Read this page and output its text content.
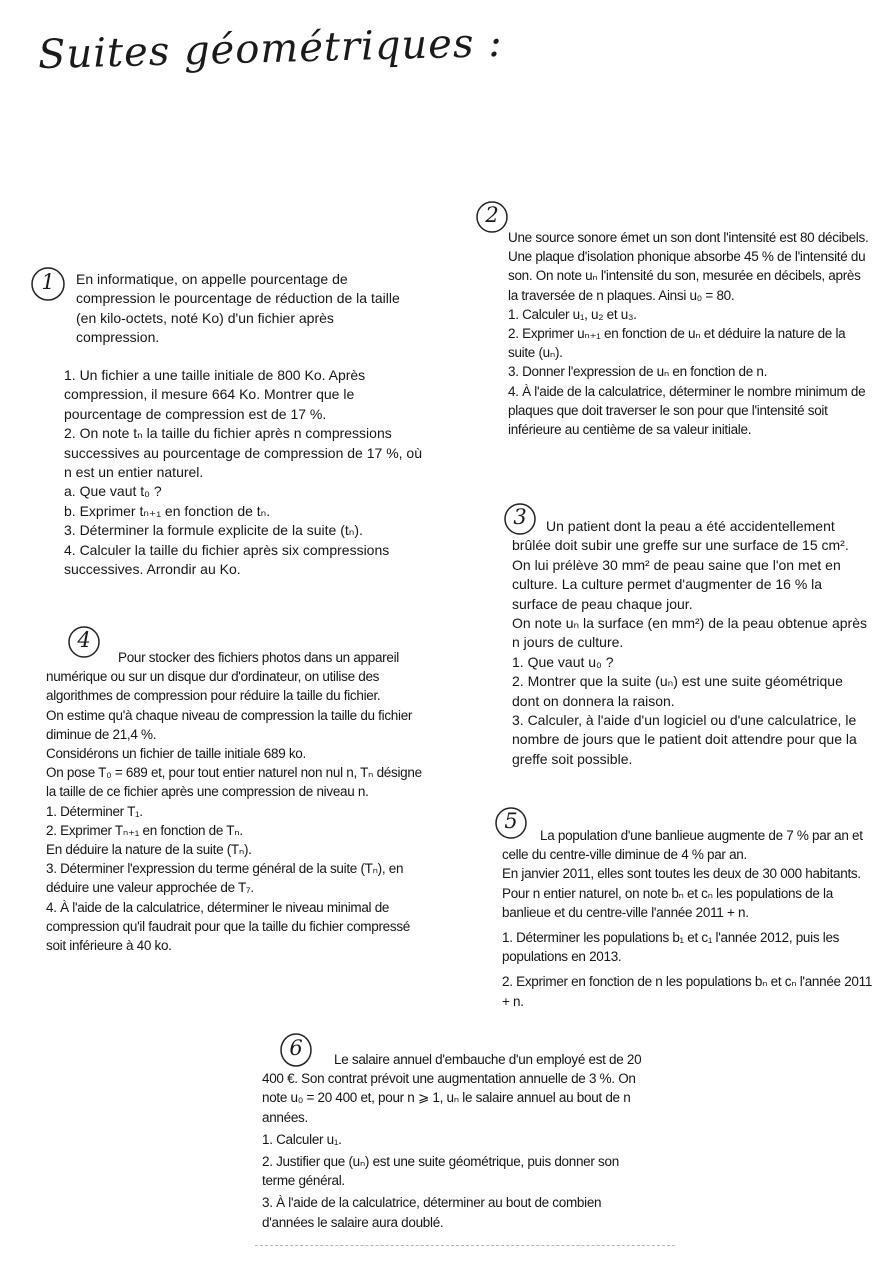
Suites géométriques :
1
2
3
4
5
6

En informatique, on appelle pourcentage de compression le pourcentage de réduction de la taille (en kilo-octets, noté Ko) d'un fichier après compression.

1. Un fichier a une taille initiale de 800 Ko. Après compression, il mesure 664 Ko. Montrer que le pourcentage de compression est de 17 %.

2. On note tₙ la taille du fichier après n compressions successives au pourcentage de compression de 17 %, où n est un entier naturel.

a. Que vaut t₀ ?

b. Exprimer tₙ₊₁ en fonction de tₙ.

3. Déterminer la formule explicite de la suite (tₙ).

4. Calculer la taille du fichier après six compressions successives. Arrondir au Ko.

Une source sonore émet un son dont l'intensité est 80 décibels. Une plaque d'isolation phonique absorbe 45 % de l'intensité du son. On note uₙ l'intensité du son, mesurée en décibels, après la traversée de n plaques. Ainsi u₀ = 80.

1. Calculer u₁, u₂ et u₃.

2. Exprimer uₙ₊₁ en fonction de uₙ et déduire la nature de la suite (uₙ).

3. Donner l'expression de uₙ en fonction de n.

4. À l'aide de la calculatrice, déterminer le nombre minimum de plaques que doit traverser le son pour que l'intensité soit inférieure au centième de sa valeur initiale.

Un patient dont la peau a été accidentellement brûlée doit subir une greffe sur une surface de 15 cm². On lui prélève 30 mm² de peau saine que l'on met en culture. La culture permet d'augmenter de 16 % la surface de peau chaque jour.

On note uₙ la surface (en mm²) de la peau obtenue après n jours de culture.

1. Que vaut u₀ ?

2. Montrer que la suite (uₙ) est une suite géométrique dont on donnera la raison.

3. Calculer, à l'aide d'un logiciel ou d'une calculatrice, le nombre de jours que le patient doit attendre pour que la greffe soit possible.

Pour stocker des fichiers photos dans un appareil numérique ou sur un disque dur d'ordinateur, on utilise des algorithmes de compression pour réduire la taille du fichier.

On estime qu'à chaque niveau de compression la taille du fichier diminue de 21,4 %.

Considérons un fichier de taille initiale 689 ko.

On pose T₀ = 689 et, pour tout entier naturel non nul n, Tₙ désigne la taille de ce fichier après une compression de niveau n.

1. Déterminer T₁.

2. Exprimer Tₙ₊₁ en fonction de Tₙ.

En déduire la nature de la suite (Tₙ).

3. Déterminer l'expression du terme général de la suite (Tₙ), en déduire une valeur approchée de T₇.

4. À l'aide de la calculatrice, déterminer le niveau minimal de compression qu'il faudrait pour que la taille du fichier compressé soit inférieure à 40 ko.

La population d'une banlieue augmente de 7 % par an et celle du centre-ville diminue de 4 % par an.

En janvier 2011, elles sont toutes les deux de 30 000 habitants. Pour n entier naturel, on note bₙ et cₙ les populations de la banlieue et du centre-ville l'année 2011 + n.

1. Déterminer les populations b₁ et c₁ l'année 2012, puis les populations en 2013.

2. Exprimer en fonction de n les populations bₙ et cₙ l'année 2011 + n.

Le salaire annuel d'embauche d'un employé est de 20 400 €. Son contrat prévoit une augmentation annuelle de 3 %. On note u₀ = 20 400 et, pour n ⩾ 1, uₙ le salaire annuel au bout de n années.

1. Calculer u₁.

2. Justifier que (uₙ) est une suite géométrique, puis donner son terme général.

3. À l'aide de la calculatrice, déterminer au bout de combien d'années le salaire aura doublé.
